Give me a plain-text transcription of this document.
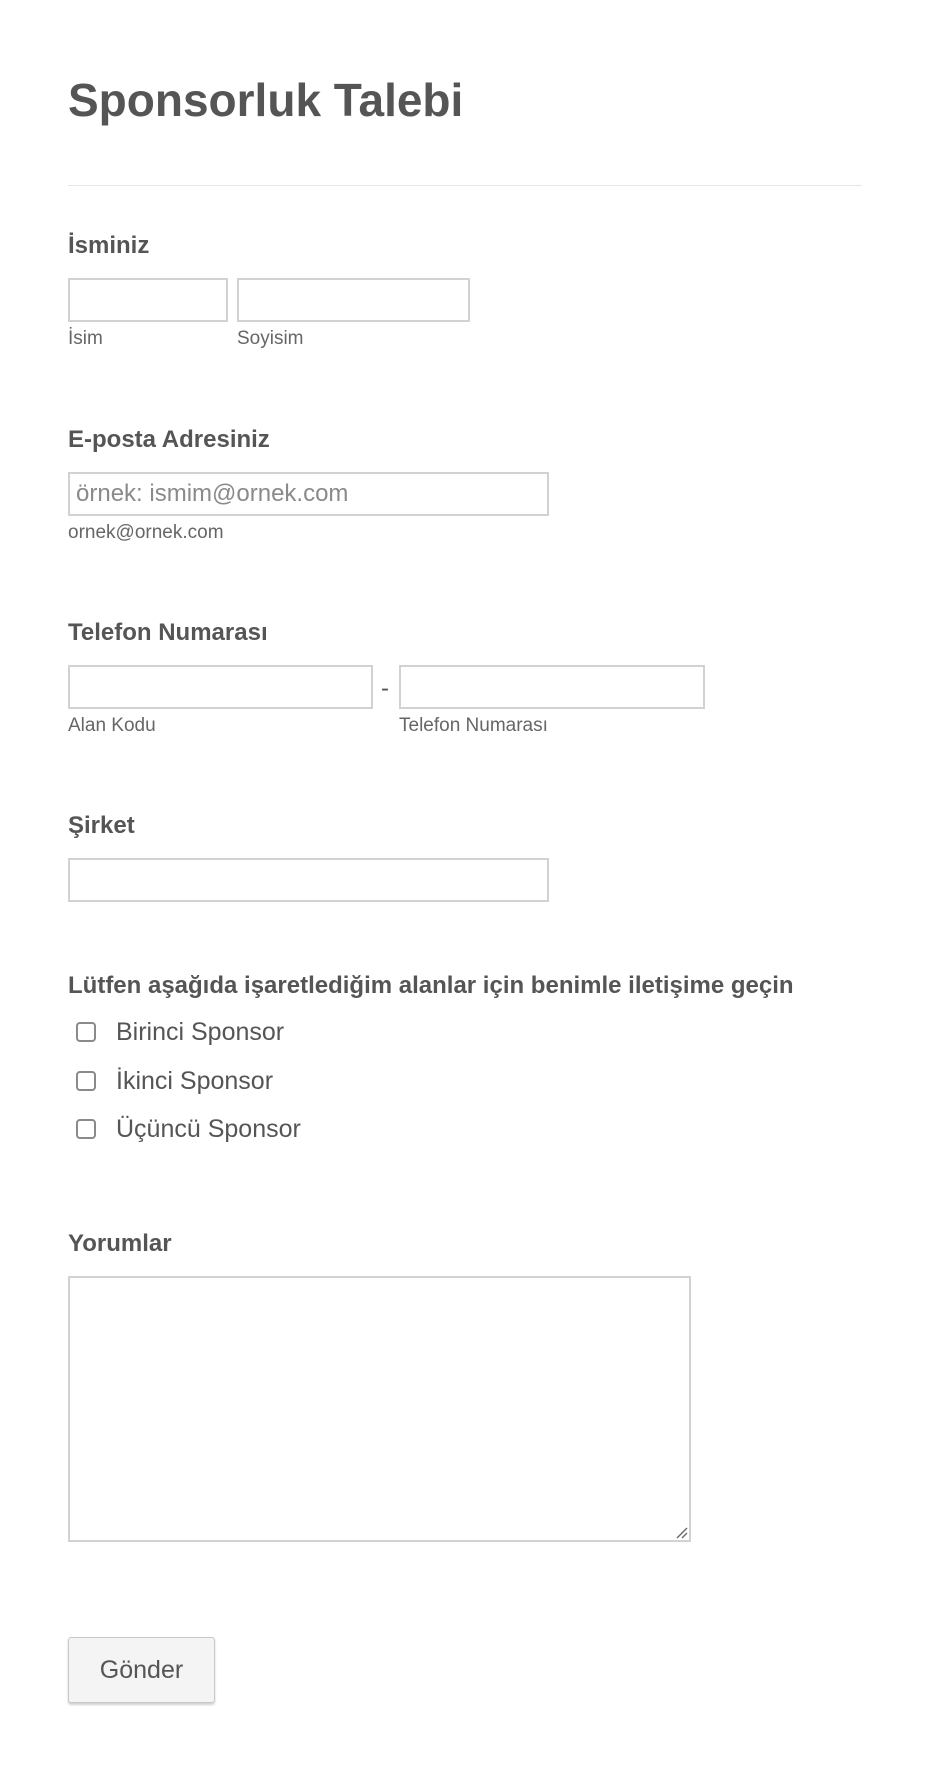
Sponsorluk Talebi
İsminiz
İsim	Soyisim
E-posta Adresiniz
örnek: ismim@ornek.com
ornek@ornek.com
Telefon Numarası
-
Alan Kodu	Telefon Numarası
Şirket
Lütfen aşağıda işaretlediğim alanlar için benimle iletişime geçin
Birinci Sponsor
İkinci Sponsor
Üçüncü Sponsor
Yorumlar
Gönder
